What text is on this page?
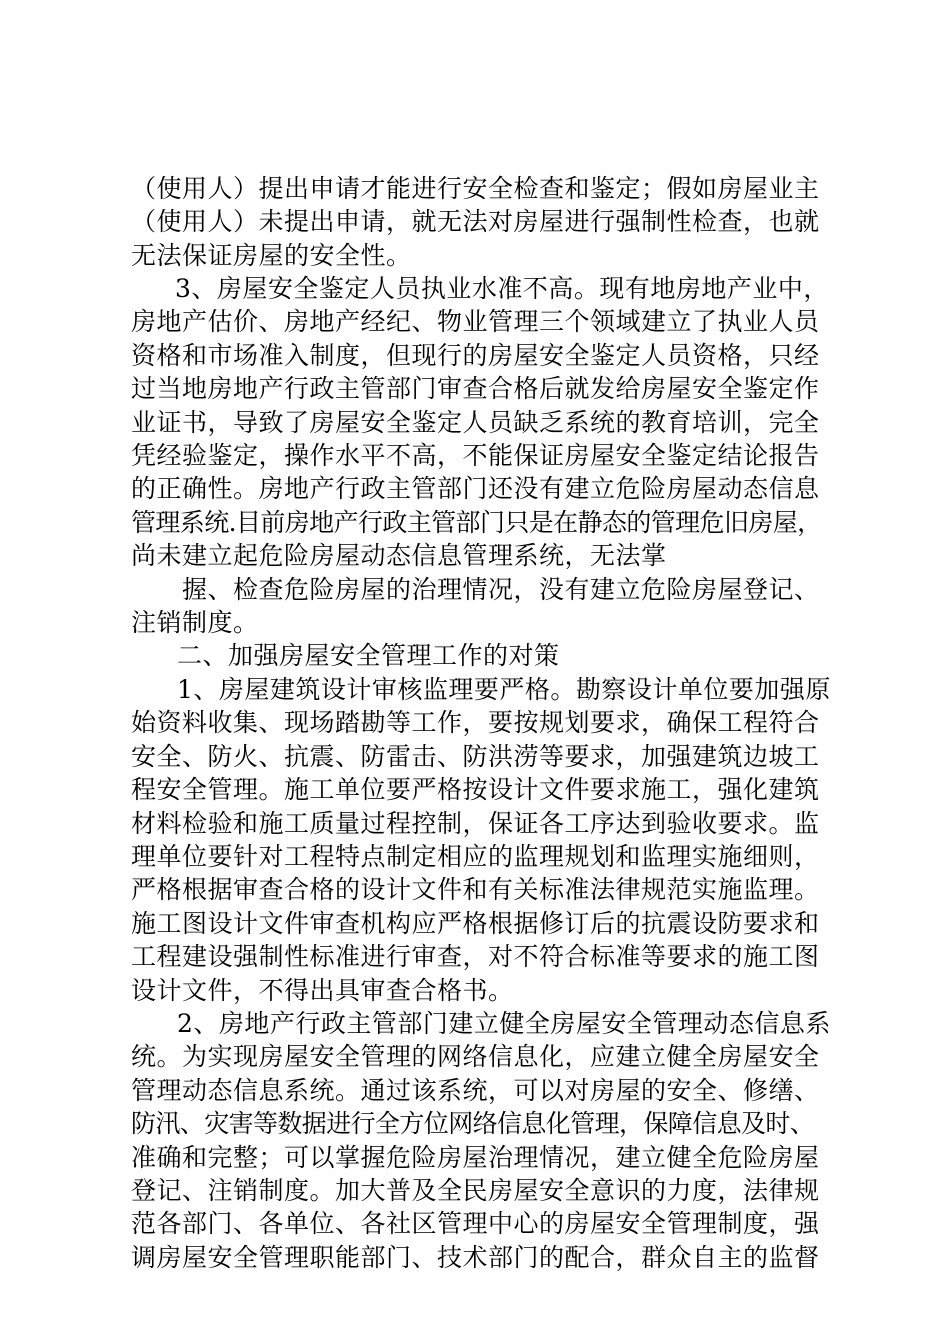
（使用人）提出申请才能进行安全检查和鉴定；假如房屋业主
（使用人）未提出申请，就无法对房屋进行强制性检查，也就
无法保证房屋的安全性。
3、房屋安全鉴定人员执业水准不高。现有地房地产业中，
房地产估价、房地产经纪、物业管理三个领域建立了执业人员
资格和市场准入制度，但现行的房屋安全鉴定人员资格，只经
过当地房地产行政主管部门审查合格后就发给房屋安全鉴定作
业证书，导致了房屋安全鉴定人员缺乏系统的教育培训，完全
凭经验鉴定，操作水平不高，不能保证房屋安全鉴定结论报告
的正确性。房地产行政主管部门还没有建立危险房屋动态信息
管理系统.目前房地产行政主管部门只是在静态的管理危旧房屋，
尚未建立起危险房屋动态信息管理系统，无法掌
握、检查危险房屋的治理情况，没有建立危险房屋登记、
注销制度。
二、加强房屋安全管理工作的对策
1、房屋建筑设计审核监理要严格。勘察设计单位要加强原
始资料收集、现场踏勘等工作，要按规划要求，确保工程符合
安全、防火、抗震、防雷击、防洪涝等要求，加强建筑边坡工
程安全管理。施工单位要严格按设计文件要求施工，强化建筑
材料检验和施工质量过程控制，保证各工序达到验收要求。监
理单位要针对工程特点制定相应的监理规划和监理实施细则，
严格根据审查合格的设计文件和有关标准法律规范实施监理。
施工图设计文件审查机构应严格根据修订后的抗震设防要求和
工程建设强制性标准进行审查，对不符合标准等要求的施工图
设计文件，不得出具审查合格书。
2、房地产行政主管部门建立健全房屋安全管理动态信息系
统。为实现房屋安全管理的网络信息化，应建立健全房屋安全
管理动态信息系统。通过该系统，可以对房屋的安全、修缮、
防汛、灾害等数据进行全方位网络信息化管理，保障信息及时、
准确和完整；可以掌握危险房屋治理情况，建立健全危险房屋
登记、注销制度。加大普及全民房屋安全意识的力度，法律规
范各部门、各单位、各社区管理中心的房屋安全管理制度，强
调房屋安全管理职能部门、技术部门的配合，群众自主的监督
